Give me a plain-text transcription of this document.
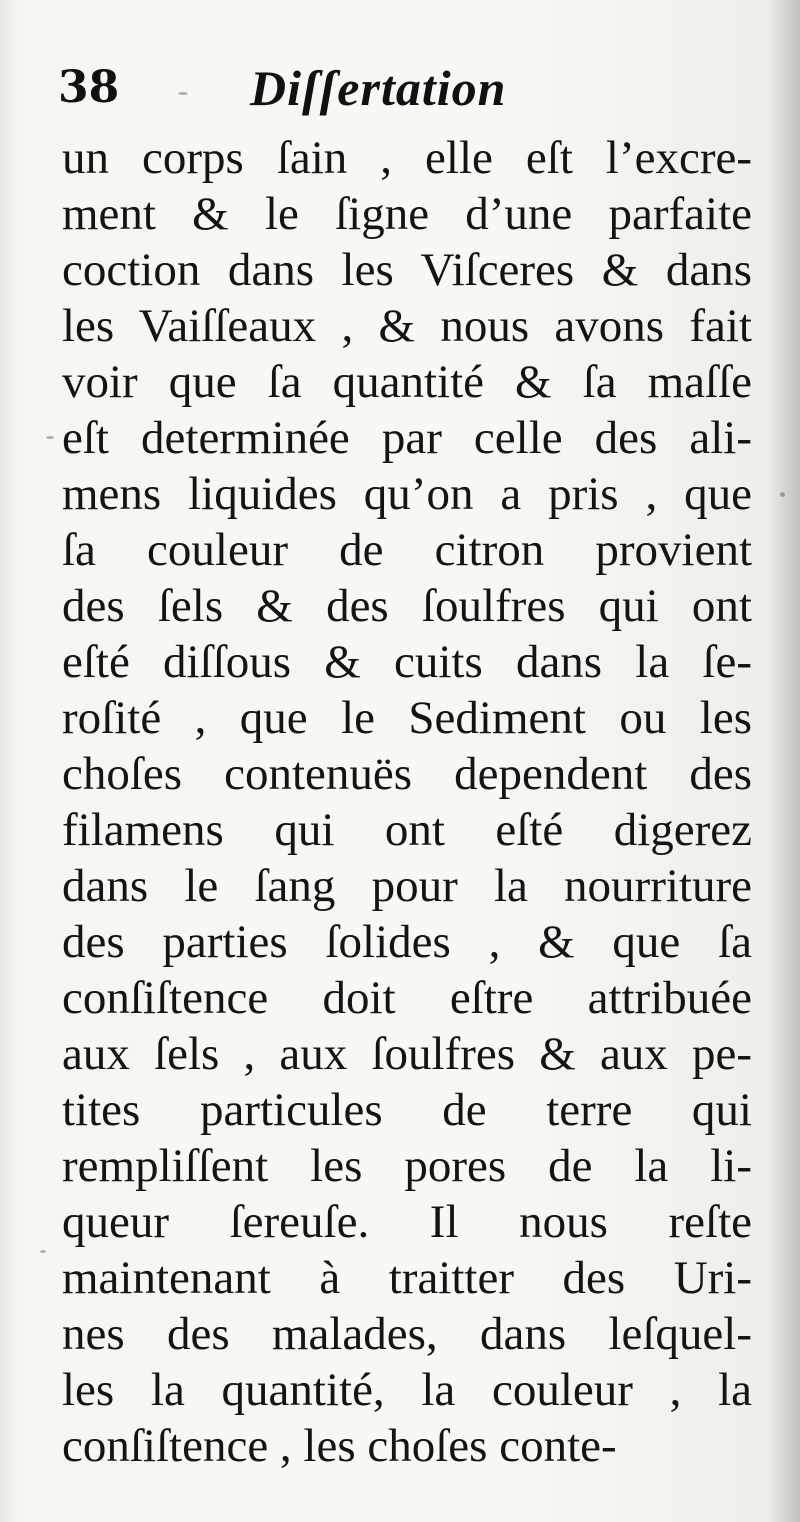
38	Diſſertation
un corps ſain , elle eſt l’excre-
ment & le ſigne d’une parfaite
coction dans les Viſceres & dans
les Vaiſſeaux , & nous avons fait
voir que ſa quantité & ſa maſſe
eſt determinée par celle des ali-
mens liquides qu’on a pris , que
ſa couleur de citron provient
des ſels & des ſoulfres qui ont
eſté diſſous & cuits dans la ſe-
roſité , que le Sediment ou les
choſes contenuës dependent des
filamens qui ont eſté digerez
dans le ſang pour la nourriture
des parties ſolides , & que ſa
conſiſtence doit eſtre attribuée
aux ſels , aux ſoulfres & aux pe-
tites particules de terre qui
rempliſſent les pores de la li-
queur ſereuſe. Il nous reſte
maintenant à traitter des Uri-
nes des malades, dans leſquel-
les la quantité, la couleur , la
conſiſtence , les choſes conte-
